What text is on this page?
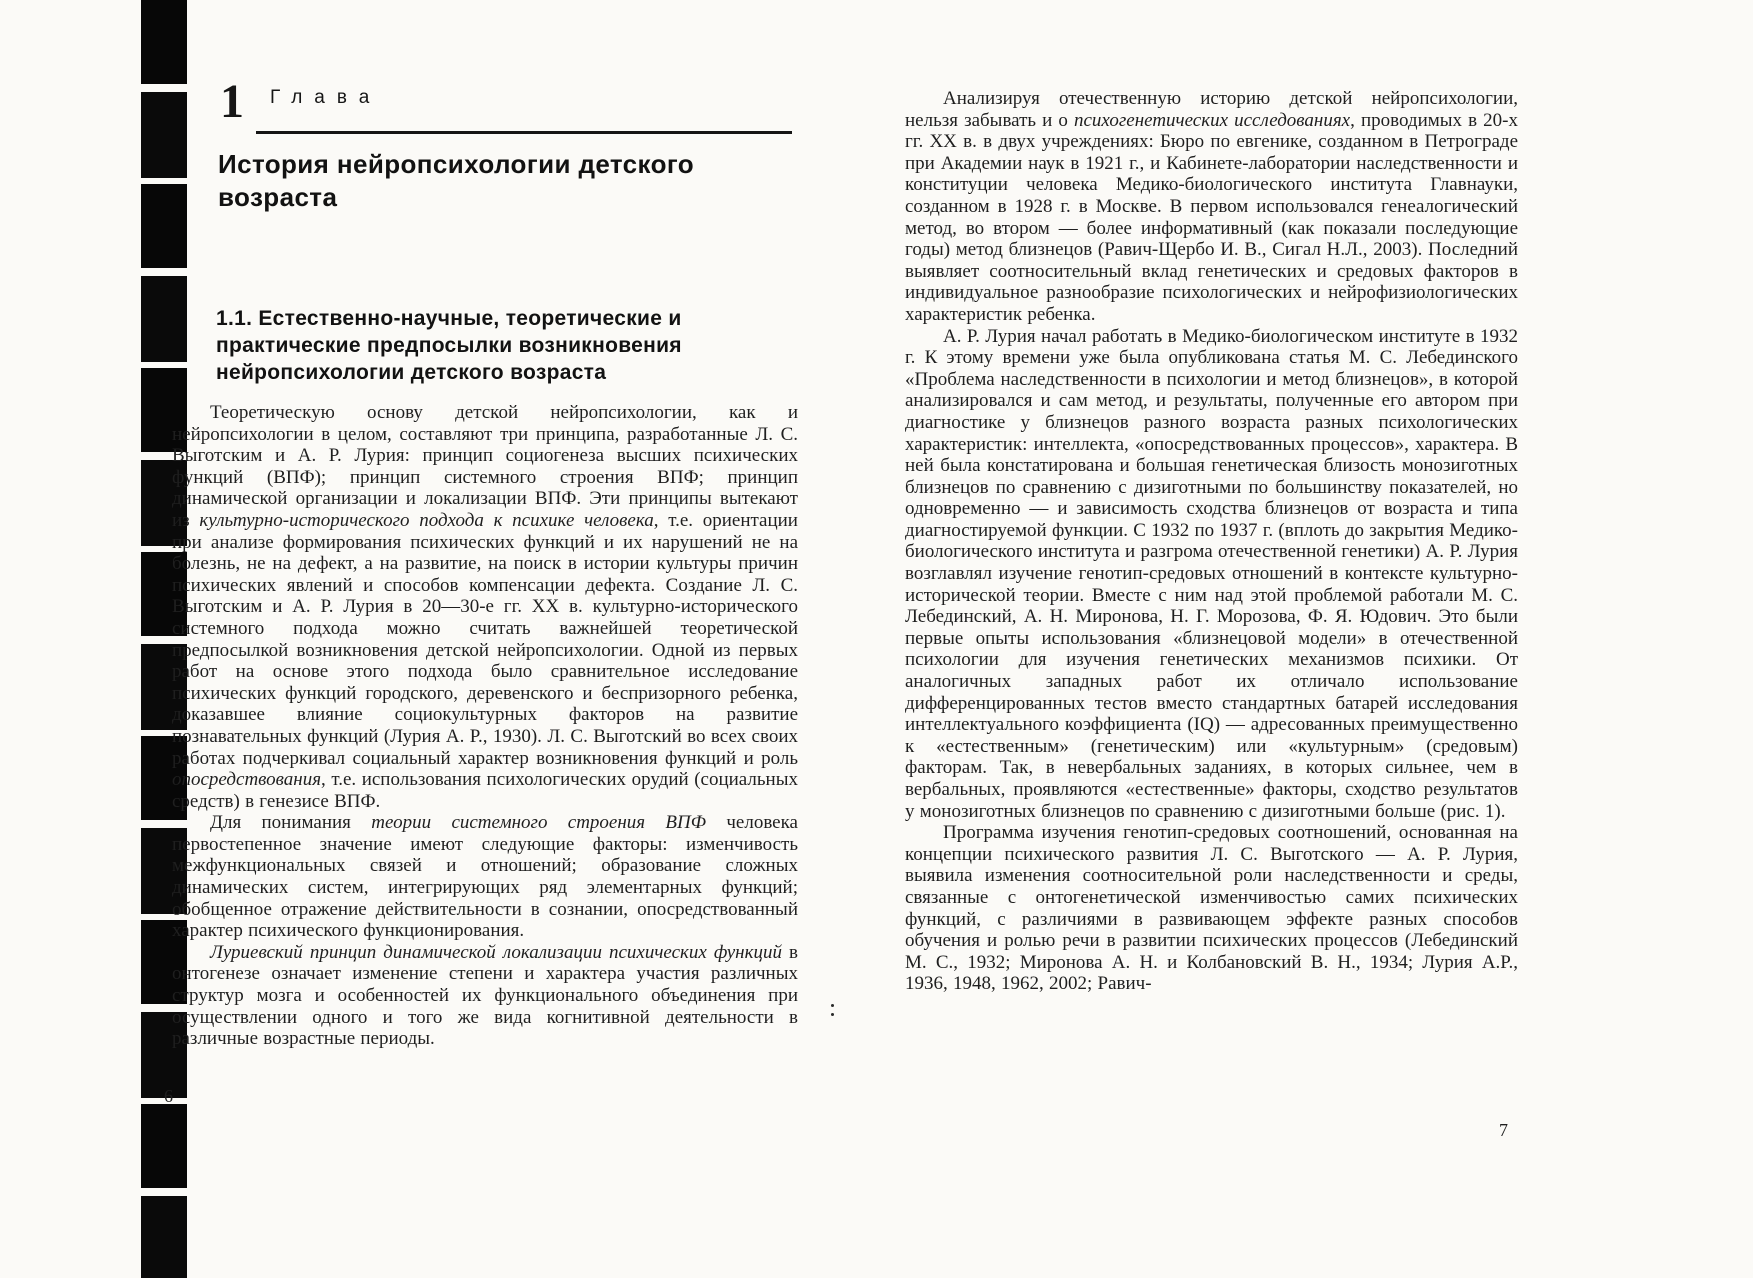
1 Глава
История нейропсихологии детского возраста
1.1. Естественно-научные, теоретические и практические предпосылки возникновения нейропсихологии детского возраста

Теоретическую основу детской нейропсихологии, как и нейропсихологии в целом, составляют три принципа, разработанные Л. С. Выготским и А. Р. Лурия: принцип социогенеза высших психических функций (ВПФ); принцип системного строения ВПФ; принцип динамической организации и локализации ВПФ. Эти принципы вытекают из культурно-исторического подхода к психике человека, т.е. ориентации при анализе формирования психических функций и их нарушений не на болезнь, не на дефект, а на развитие, на поиск в истории культуры причин психических явлений и способов компенсации дефекта. Создание Л. С. Выготским и А. Р. Лурия в 20—30-е гг. XX в. культурно-исторического системного подхода можно считать важнейшей теоретической предпосылкой возникновения детской нейропсихологии. Одной из первых работ на основе этого подхода было сравнительное исследование психических функций городского, деревенского и беспризорного ребенка, доказавшее влияние социокультурных факторов на развитие познавательных функций (Лурия А. Р., 1930). Л. С. Выготский во всех своих работах подчеркивал социальный характер возникновения функций и роль опосредствования, т.е. использования психологических орудий (социальных средств) в генезисе ВПФ.

Для понимания теории системного строения ВПФ человека первостепенное значение имеют следующие факторы: изменчивость межфункциональных связей и отношений; образование сложных динамических систем, интегрирующих ряд элементарных функций; обобщенное отражение действительности в сознании, опосредствованный характер психического функционирования.

Луриевский принцип динамической локализации психических функций в онтогенезе означает изменение степени и характера участия различных структур мозга и особенностей их функционального объединения при осуществлении одного и того же вида когнитивной деятельности в различные возрастные периоды.

6

Анализируя отечественную историю детской нейропсихологии, нельзя забывать и о психогенетических исследованиях, проводимых в 20-х гг. XX в. в двух учреждениях: Бюро по евгенике, созданном в Петрограде при Академии наук в 1921 г., и Кабинете-лаборатории наследственности и конституции человека Медико-биологического института Главнауки, созданном в 1928 г. в Москве. В первом использовался генеалогический метод, во втором — более информативный (как показали последующие годы) метод близнецов (Равич-Щербо И. В., Сигал Н.Л., 2003). Последний выявляет соотносительный вклад генетических и средовых факторов в индивидуальное разнообразие психологических и нейрофизиологических характеристик ребенка.

А. Р. Лурия начал работать в Медико-биологическом институте в 1932 г. К этому времени уже была опубликована статья М. С. Лебединского «Проблема наследственности в психологии и метод близнецов», в которой анализировался и сам метод, и результаты, полученные его автором при диагностике у близнецов разного возраста разных психологических характеристик: интеллекта, «опосредствованных процессов», характера. В ней была констатирована и большая генетическая близость монозиготных близнецов по сравнению с дизиготными по большинству показателей, но одновременно — и зависимость сходства близнецов от возраста и типа диагностируемой функции. С 1932 по 1937 г. (вплоть до закрытия Медико-биологического института и разгрома отечественной генетики) А. Р. Лурия возглавлял изучение генотип-средовых отношений в контексте культурно-исторической теории. Вместе с ним над этой проблемой работали М. С. Лебединский, А. Н. Миронова, Н. Г. Морозова, Ф. Я. Юдович. Это были первые опыты использования «близнецовой модели» в отечественной психологии для изучения генетических механизмов психики. От аналогичных западных работ их отличало использование дифференцированных тестов вместо стандартных батарей исследования интеллектуального коэффициента (IQ) — адресованных преимущественно к «естественным» (генетическим) или «культурным» (средовым) факторам. Так, в невербальных заданиях, в которых сильнее, чем в вербальных, проявляются «естественные» факторы, сходство результатов у монозиготных близнецов по сравнению с дизиготными больше (рис. 1).

Программа изучения генотип-средовых соотношений, основанная на концепции психического развития Л. С. Выготского — А. Р. Лурия, выявила изменения соотносительной роли наследственности и среды, связанные с онтогенетической изменчивостью самих психических функций, с различиями в развивающем эффекте разных способов обучения и ролью речи в развитии психических процессов (Лебединский М. С., 1932; Миронова А. Н. и Колбановский В. Н., 1934; Лурия А.Р., 1936, 1948, 1962, 2002; Равич-

7
